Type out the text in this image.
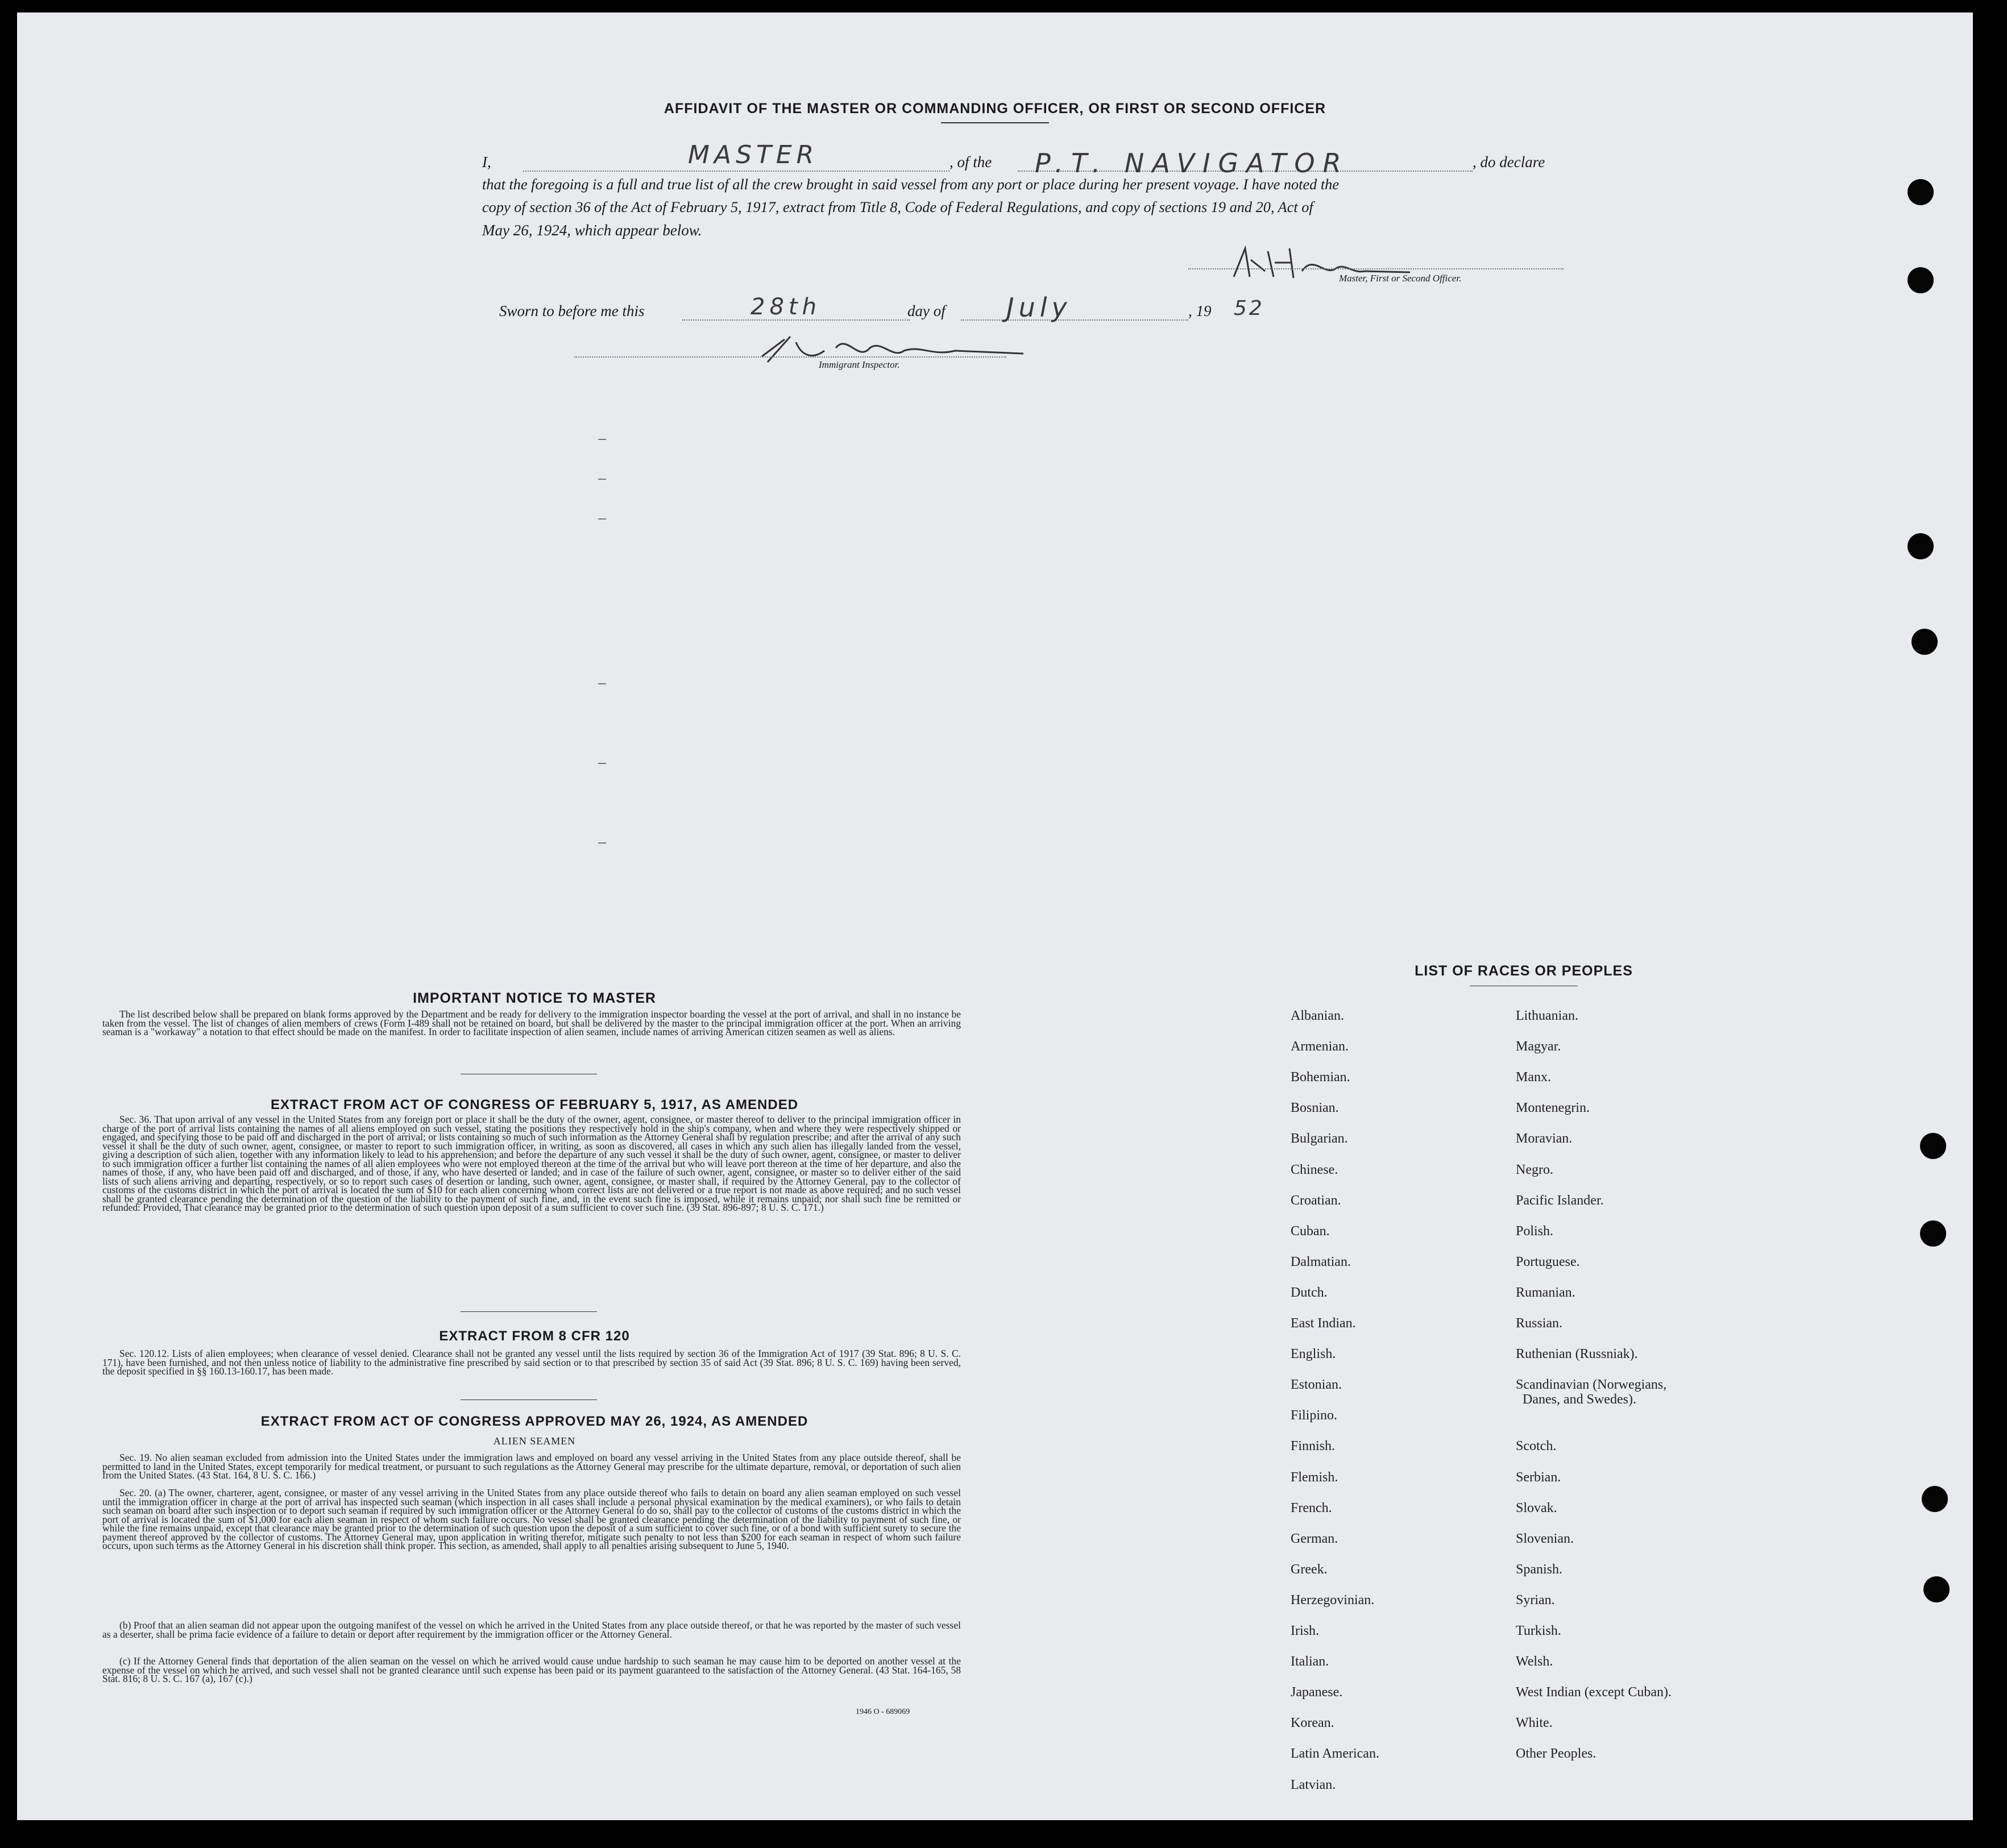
AFFIDAVIT OF THE MASTER OR COMMANDING OFFICER, OR FIRST OR SECOND OFFICER
I,	MASTER	, of the	P.T. NAVIGATOR	, do declare
that the foregoing is a full and true list of all the crew brought in said vessel from any port or place during her present voyage. I have noted the
copy of section 36 of the Act of February 5, 1917, extract from Title 8, Code of Federal Regulations, and copy of sections 19 and 20, Act of
May 26, 1924, which appear below.
Master, First or Second Officer.
Sworn to before me this	28th	day of	July	, 19	52
Immigrant Inspector.
IMPORTANT NOTICE TO MASTER
The list described below shall be prepared on blank forms approved by the Department and be ready for delivery to the immigration inspector boarding the vessel at the port of arrival, and shall in no instance be taken from the vessel. The list of changes of alien members of crews (Form I-489 shall not be retained on board, but shall be delivered by the master to the principal immigration officer at the port. When an arriving seaman is a "workaway" a notation to that effect should be made on the manifest. In order to facilitate inspection of alien seamen, include names of arriving American citizen seamen as well as aliens.
EXTRACT FROM ACT OF CONGRESS OF FEBRUARY 5, 1917, AS AMENDED
Sec. 36. That upon arrival of any vessel in the United States from any foreign port or place it shall be the duty of the owner, agent, consignee, or master thereof to deliver to the principal immigration officer in charge of the port of arrival lists containing the names of all aliens employed on such vessel, stating the positions they respectively hold in the ship's company, when and where they were respectively shipped or engaged, and specifying those to be paid off and discharged in the port of arrival; or lists containing so much of such information as the Attorney General shall by regulation prescribe; and after the arrival of any such vessel it shall be the duty of such owner, agent, consignee, or master to report to such immigration officer, in writing, as soon as discovered, all cases in which any such alien has illegally landed from the vessel, giving a description of such alien, together with any information likely to lead to his apprehension; and before the departure of any such vessel it shall be the duty of such owner, agent, consignee, or master to deliver to such immigration officer a further list containing the names of all alien employees who were not employed thereon at the time of the arrival but who will leave port thereon at the time of her departure, and also the names of those, if any, who have been paid off and discharged, and of those, if any, who have deserted or landed; and in case of the failure of such owner, agent, consignee, or master so to deliver either of the said lists of such aliens arriving and departing, respectively, or so to report such cases of desertion or landing, such owner, agent, consignee, or master shall, if required by the Attorney General, pay to the collector of customs of the customs district in which the port of arrival is located the sum of $10 for each alien concerning whom correct lists are not delivered or a true report is not made as above required; and no such vessel shall be granted clearance pending the determination of the question of the liability to the payment of such fine, and, in the event such fine is imposed, while it remains unpaid; nor shall such fine be remitted or refunded: Provided, That clearance may be granted prior to the determination of such question upon deposit of a sum sufficient to cover such fine. (39 Stat. 896-897; 8 U. S. C. 171.)
EXTRACT FROM 8 CFR 120
Sec. 120.12. Lists of alien employees; when clearance of vessel denied. Clearance shall not be granted any vessel until the lists required by section 36 of the Immigration Act of 1917 (39 Stat. 896; 8 U. S. C. 171), have been furnished, and not then unless notice of liability to the administrative fine prescribed by said section or to that prescribed by section 35 of said Act (39 Stat. 896; 8 U. S. C. 169) having been served, the deposit specified in §§ 160.13-160.17, has been made.
EXTRACT FROM ACT OF CONGRESS APPROVED MAY 26, 1924, AS AMENDED
ALIEN SEAMEN
Sec. 19. No alien seaman excluded from admission into the United States under the immigration laws and employed on board any vessel arriving in the United States from any place outside thereof, shall be permitted to land in the United States, except temporarily for medical treatment, or pursuant to such regulations as the Attorney General may prescribe for the ultimate departure, removal, or deportation of such alien from the United States. (43 Stat. 164, 8 U. S. C. 166.)
Sec. 20. (a) The owner, charterer, agent, consignee, or master of any vessel arriving in the United States from any place outside thereof who fails to detain on board any alien seaman employed on such vessel until the immigration officer in charge at the port of arrival has inspected such seaman (which inspection in all cases shall include a personal physical examination by the medical examiners), or who fails to detain such seaman on board after such inspection or to deport such seaman if required by such immigration officer or the Attorney General to do so, shall pay to the collector of customs of the customs district in which the port of arrival is located the sum of $1,000 for each alien seaman in respect of whom such failure occurs. No vessel shall be granted clearance pending the determination of the liability to payment of such fine, or while the fine remains unpaid, except that clearance may be granted prior to the determination of such question upon the deposit of a sum sufficient to cover such fine, or of a bond with sufficient surety to secure the payment thereof approved by the collector of customs. The Attorney General may, upon application in writing therefor, mitigate such penalty to not less than $200 for each seaman in respect of whom such failure occurs, upon such terms as the Attorney General in his discretion shall think proper. This section, as amended, shall apply to all penalties arising subsequent to June 5, 1940.
(b) Proof that an alien seaman did not appear upon the outgoing manifest of the vessel on which he arrived in the United States from any place outside thereof, or that he was reported by the master of such vessel as a deserter, shall be prima facie evidence of a failure to detain or deport after requirement by the immigration officer or the Attorney General.
(c) If the Attorney General finds that deportation of the alien seaman on the vessel on which he arrived would cause undue hardship to such seaman he may cause him to be deported on another vessel at the expense of the vessel on which he arrived, and such vessel shall not be granted clearance until such expense has been paid or its payment guaranteed to the satisfaction of the Attorney General. (43 Stat. 164-165, 58 Stat. 816; 8 U. S. C. 167 (a), 167 (c).)
1946 O - 689069
LIST OF RACES OR PEOPLES
Albanian.
Armenian.
Bohemian.
Bosnian.
Bulgarian.
Chinese.
Croatian.
Cuban.
Dalmatian.
Dutch.
East Indian.
English.
Estonian.
Filipino.
Finnish.
Flemish.
French.
German.
Greek.
Herzegovinian.
Irish.
Italian.
Japanese.
Korean.
Latin American.
Latvian.
Lithuanian.
Magyar.
Manx.
Montenegrin.
Moravian.
Negro.
Pacific Islander.
Polish.
Portuguese.
Rumanian.
Russian.
Ruthenian (Russniak).
Scandinavian (Norwegians,
Danes, and Swedes).
Scotch.
Serbian.
Slovak.
Slovenian.
Spanish.
Syrian.
Turkish.
Welsh.
West Indian (except Cuban).
White.
Other Peoples.
